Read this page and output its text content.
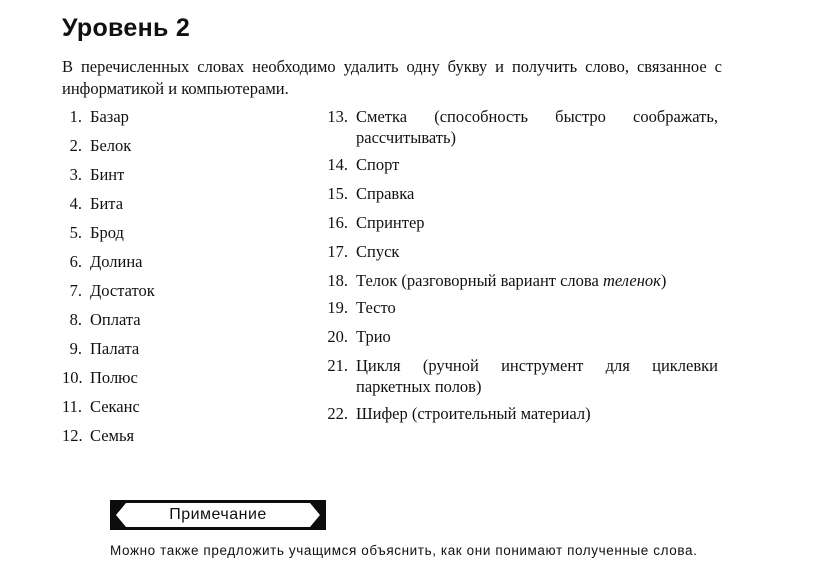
Уровень 2

В перечисленных словах необходимо удалить одну букву и получить слово, связанное с информатикой и компьютерами.

1. Базар
2. Белок
3. Бинт
4. Бита
5. Брод
6. Долина
7. Достаток
8. Оплата
9. Палата
10. Полюс
11. Секанс
12. Семья
13. Сметка (способность быстро соображать, рассчитывать)
14. Спорт
15. Справка
16. Спринтер
17. Спуск
18. Телок (разговорный вариант слова теленок)
19. Тесто
20. Трио
21. Цикля (ручной инструмент для циклевки паркетных полов)
22. Шифер (строительный материал)
Примечание

Можно также предложить учащимся объяснить, как они понимают полученные слова.
